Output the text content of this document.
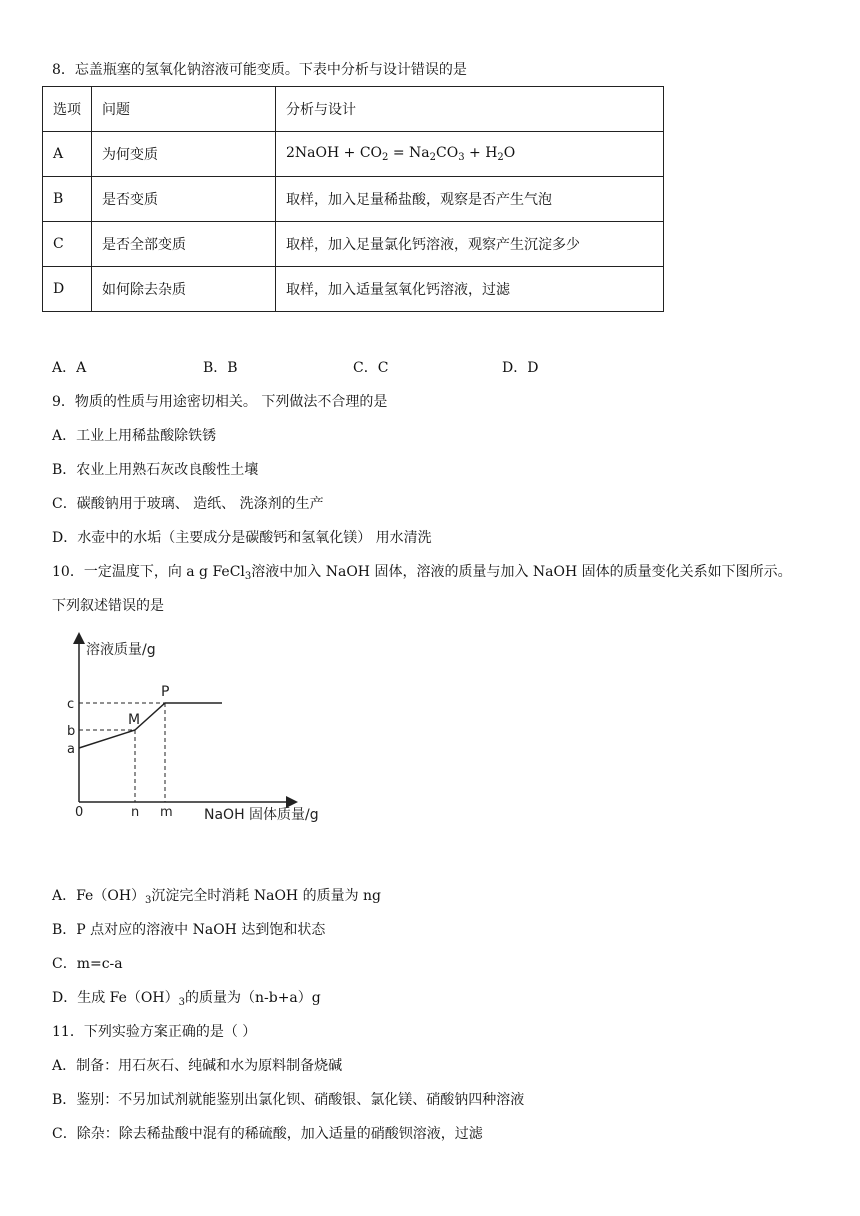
8．忘盖瓶塞的氢氧化钠溶液可能变质。下表中分析与设计错误的是
选项	问题	分析与设计
A	为何变质	2NaOH + $CO_2 = Na_2CO_3 + H_2O$
B	是否变质	取样，加入足量稀盐酸，观察是否产生气泡
C	是否全部变质	取样，加入足量氯化钙溶液，观察产生沉淀多少
D	如何除去杂质	取样，加入适量氢氧化钙溶液，过滤
A．A	B．B	C．C	D．D
9．物质的性质与用途密切相关。 下列做法不合理的是
A．工业上用稀盐酸除铁锈
B．农业上用熟石灰改良酸性土壤
C．碳酸钠用于玻璃、 造纸、 洗涤剂的生产
D．水壶中的水垢（主要成分是碳酸钙和氢氧化镁） 用水清洗
10．一定温度下，向 a g FeCl$_3$溶液中加入 NaOH 固体，溶液的质量与加入 NaOH 固体的质量变化关系如下图所示。
下列叙述错误的是
溶液质量/g
NaOH 固体质量/g
0
c
b
a
n m
M
P
A．$Fe(OH)_3$沉淀完全时消耗 NaOH 的质量为 ng
B．P 点对应的溶液中 NaOH 达到饱和状态
C．m=c-a
D．生成 $Fe(OH)_3$的质量为（n-b+a）g
11．下列实验方案正确的是（ ）
A．制备：用石灰石、纯碱和水为原料制备烧碱
B．鉴别：不另加试剂就能鉴别出氯化钡、硝酸银、氯化镁、硝酸钠四种溶液
C．除杂：除去稀盐酸中混有的稀硫酸，加入适量的硝酸钡溶液，过滤
